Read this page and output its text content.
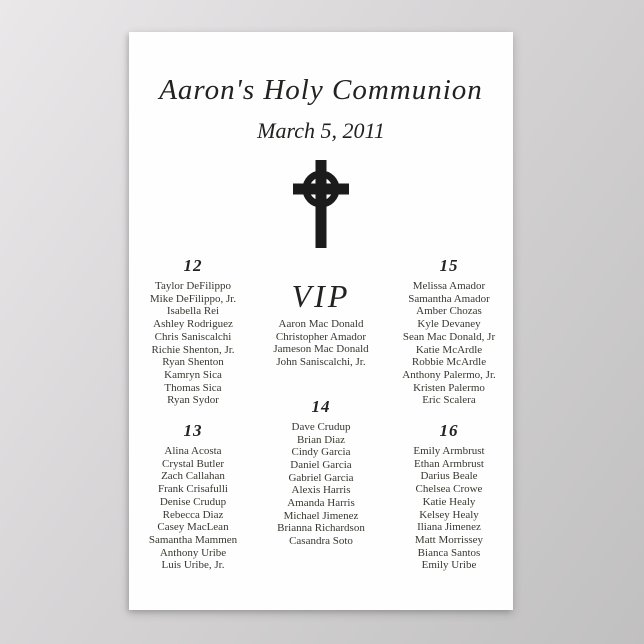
Aaron's Holy Communion
March 5, 2011
12
Taylor DeFilippo
Mike DeFilippo, Jr.
Isabella Rei
Ashley Rodriguez
Chris Saniscalchi
Richie Shenton, Jr.
Ryan Shenton
Kamryn Sica
Thomas Sica
Ryan Sydor
13
Alina Acosta
Crystal Butler
Zach Callahan
Frank Crisafulli
Denise Crudup
Rebecca Diaz
Casey MacLean
Samantha Mammen
Anthony Uribe
Luis Uribe, Jr.
VIP
Aaron Mac Donald
Christopher Amador
Jameson Mac Donald
John Saniscalchi, Jr.
14
Dave Crudup
Brian Diaz
Cindy Garcia
Daniel Garcia
Gabriel Garcia
Alexis Harris
Amanda Harris
Michael Jimenez
Brianna Richardson
Casandra Soto
15
Melissa Amador
Samantha Amador
Amber Chozas
Kyle Devaney
Sean Mac Donald, Jr
Katie McArdle
Robbie McArdle
Anthony Palermo, Jr.
Kristen Palermo
Eric Scalera
16
Emily Armbrust
Ethan Armbrust
Darius Beale
Chelsea Crowe
Katie Healy
Kelsey Healy
Iliana Jimenez
Matt Morrissey
Bianca Santos
Emily Uribe
